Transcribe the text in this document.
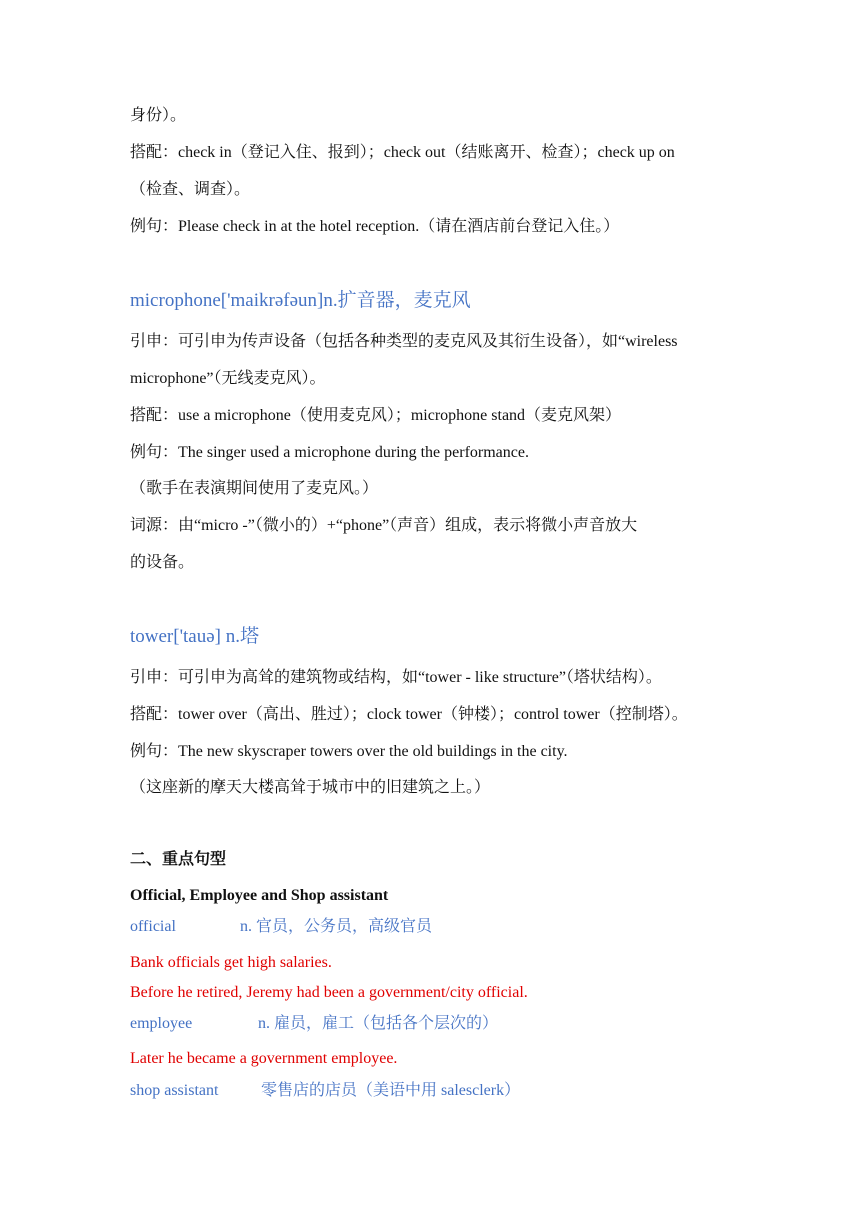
身份）。
搭配：check in（登记入住、报到）；check out（结账离开、检查）；check up on
（检查、调查）。
例句：Please check in at the hotel reception.（请在酒店前台登记入住。）
microphone['maikrəfəun]n.扩音器，麦克风
引申：可引申为传声设备（包括各种类型的麦克风及其衍生设备），如“wireless
microphone”（无线麦克风）。
搭配：use a microphone（使用麦克风）；microphone stand（麦克风架）
例句：The singer used a microphone during the performance.
（歌手在表演期间使用了麦克风。）
词源：由“micro -”（微小的）+“phone”（声音）组成，表示将微小声音放大
的设备。
tower['tauə] n.塔
引申：可引申为高耸的建筑物或结构，如“tower - like structure”（塔状结构）。
搭配：tower over（高出、胜过）；clock tower（钟楼）；control tower（控制塔）。
例句：The new skyscraper towers over the old buildings in the city.
（这座新的摩天大楼高耸于城市中的旧建筑之上。）
二、重点句型
Official, Employee and Shop assistant
official	n. 官员，公务员，高级官员
Bank officials get high salaries.
Before he retired, Jeremy had been a government/city official.
employee	n. 雇员，雇工（包括各个层次的）
Later he became a government employee.
shop assistant	零售店的店员（美语中用 salesclerk）
